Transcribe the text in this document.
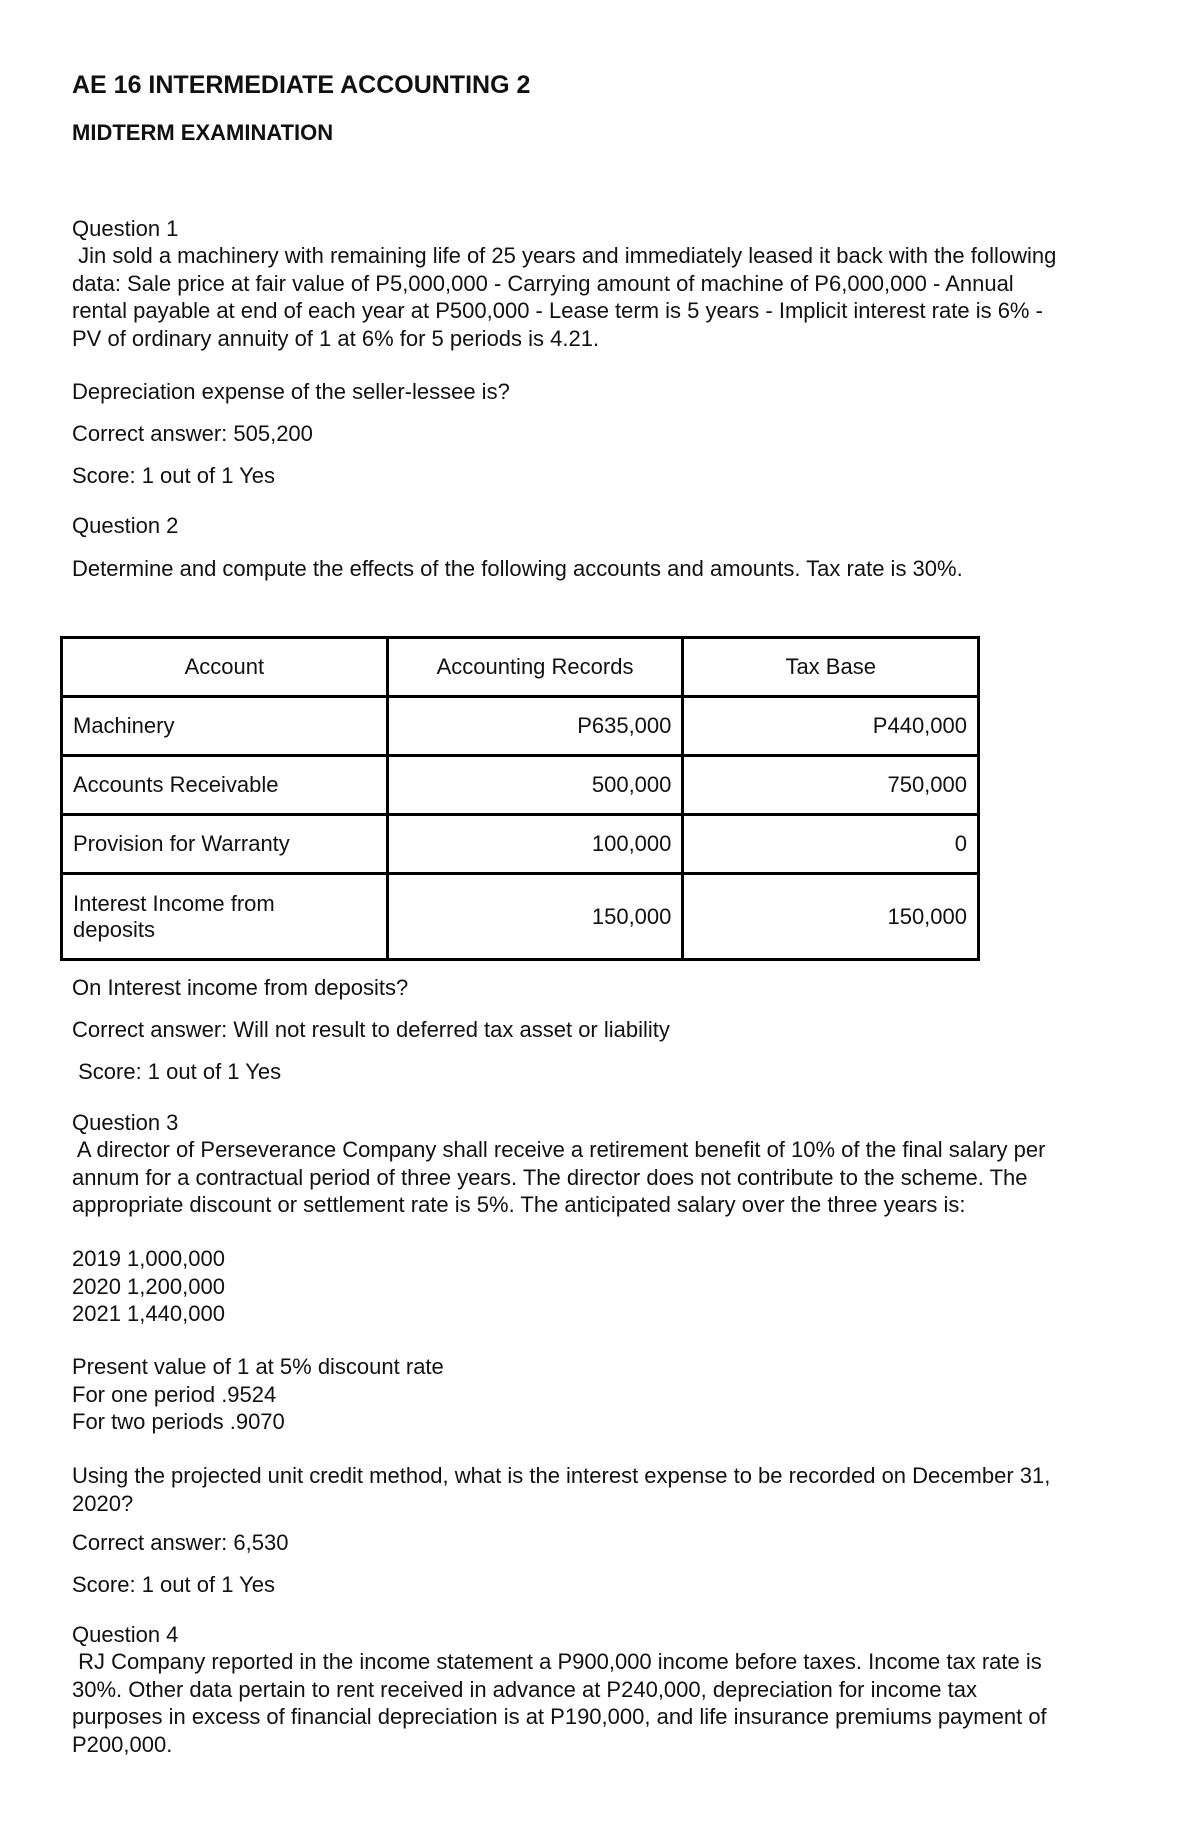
AE 16 INTERMEDIATE ACCOUNTING 2

MIDTERM EXAMINATION

Question 1

Jin sold a machinery with remaining life of 25 years and immediately leased it back with the following
data: Sale price at fair value of P5,000,000 - Carrying amount of machine of P6,000,000 - Annual
rental payable at end of each year at P500,000 - Lease term is 5 years - Implicit interest rate is 6% -
PV of ordinary annuity of 1 at 6% for 5 periods is 4.21.

Depreciation expense of the seller-lessee is?

Correct answer: 505,200

Score: 1 out of 1 Yes

Question 2

Determine and compute the effects of the following accounts and amounts. Tax rate is 30%.

Account	Accounting Records	Tax Base
Machinery	P635,000	P440,000
Accounts Receivable	500,000	750,000
Provision for Warranty	100,000	0

Interest Income from
deposits	150,000	150,000

On Interest income from deposits?

Correct answer: Will not result to deferred tax asset or liability

Score: 1 out of 1 Yes

Question 3

A director of Perseverance Company shall receive a retirement benefit of 10% of the final salary per
annum for a contractual period of three years. The director does not contribute to the scheme. The
appropriate discount or settlement rate is 5%. The anticipated salary over the three years is:
2019 1,000,000
2020 1,200,000
2021 1,440,000
Present value of 1 at 5% discount rate
For one period .9524
For two periods .9070
Using the projected unit credit method, what is the interest expense to be recorded on December 31,
2020?

Correct answer: 6,530

Score: 1 out of 1 Yes

Question 4

RJ Company reported in the income statement a P900,000 income before taxes. Income tax rate is
30%. Other data pertain to rent received in advance at P240,000, depreciation for income tax
purposes in excess of financial depreciation is at P190,000, and life insurance premiums payment of
P200,000.
